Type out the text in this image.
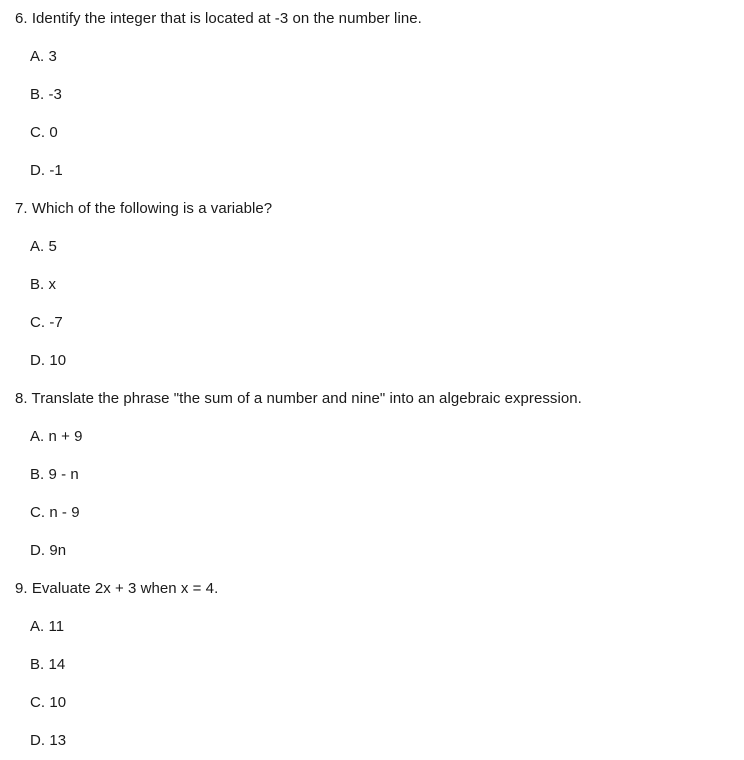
6. Identify the integer that is located at -3 on the number line.
A. 3
B. -3
C. 0
D. -1
7. Which of the following is a variable?
A. 5
B. x
C. -7
D. 10
8. Translate the phrase "the sum of a number and nine" into an algebraic expression.
A. n + 9
B. 9 - n
C. n - 9
D. 9n
9. Evaluate 2x + 3 when x = 4.
A. 11
B. 14
C. 10
D. 13
